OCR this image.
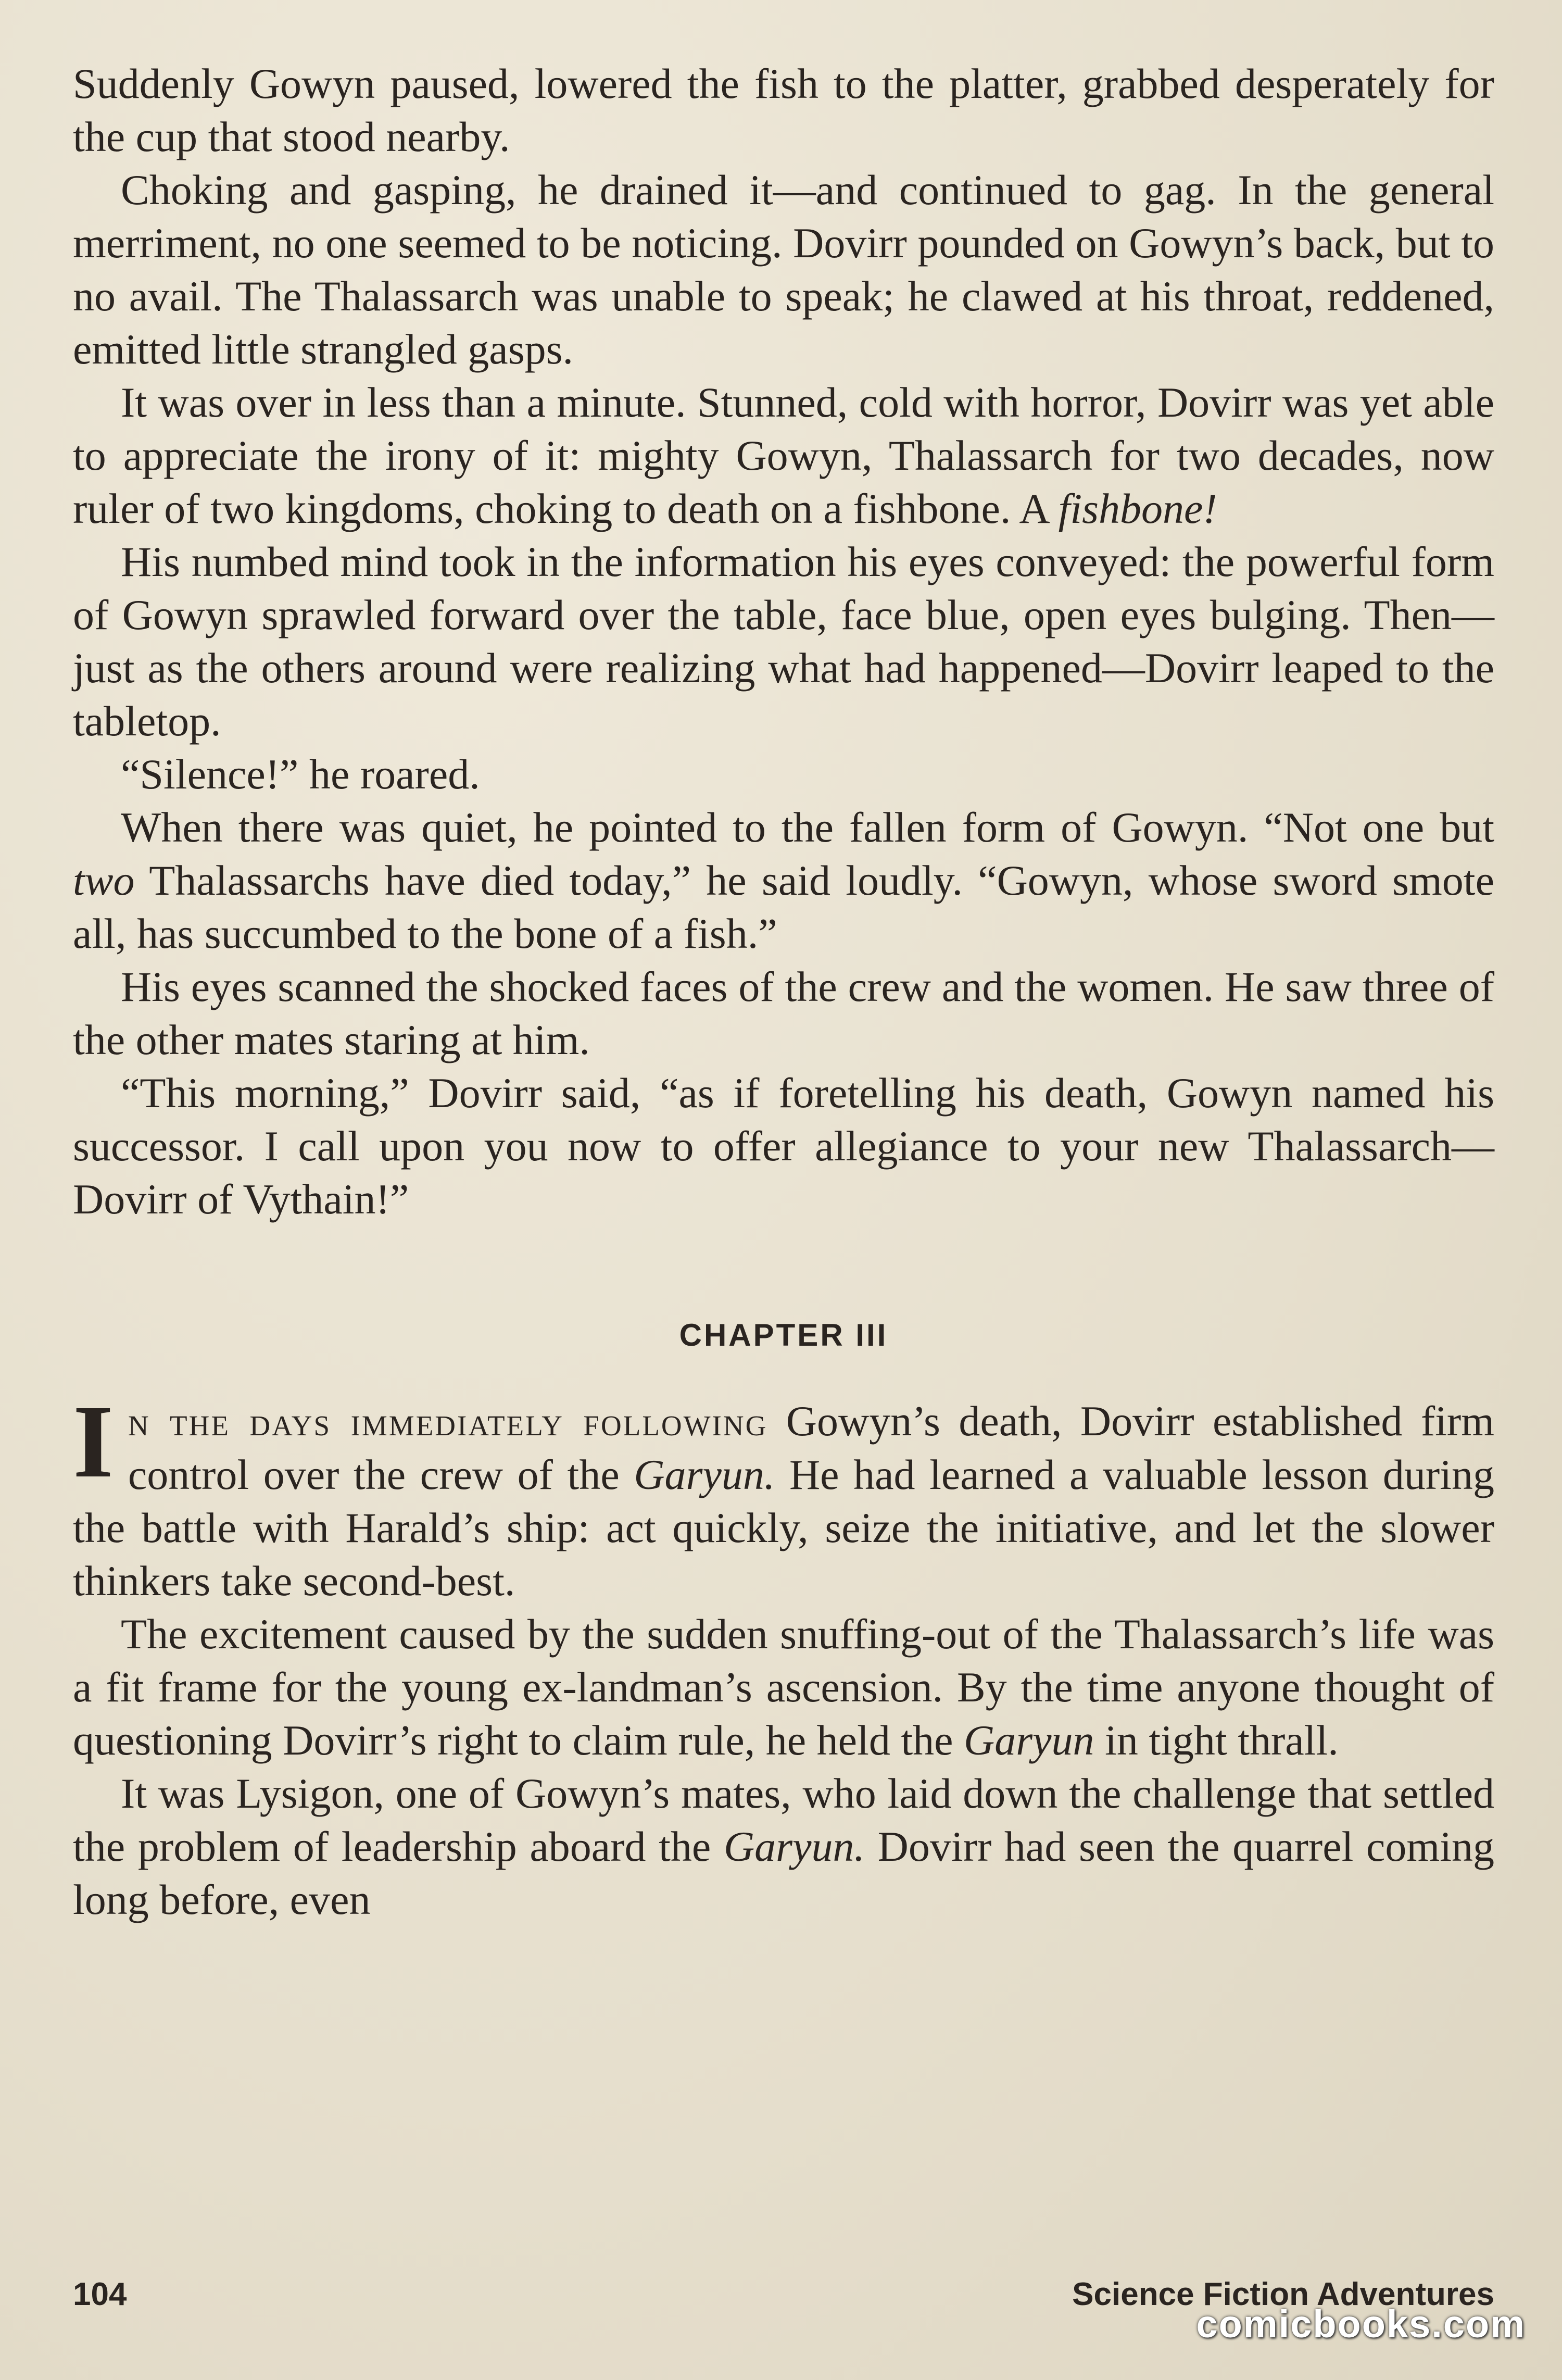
Suddenly Gowyn paused, lowered the fish to the platter, grabbed desperately for the cup that stood nearby.

Choking and gasping, he drained it—and continued to gag. In the general merriment, no one seemed to be noticing. Dovirr pounded on Gowyn’s back, but to no avail. The Thalassarch was unable to speak; he clawed at his throat, reddened, emitted little strangled gasps.

It was over in less than a minute. Stunned, cold with horror, Dovirr was yet able to appreciate the irony of it: mighty Gowyn, Thalassarch for two decades, now ruler of two kingdoms, choking to death on a fishbone. A fishbone!

His numbed mind took in the information his eyes conveyed: the powerful form of Gowyn sprawled forward over the table, face blue, open eyes bulging. Then—just as the others around were realizing what had happened—Dovirr leaped to the tabletop.

“Silence!” he roared.

When there was quiet, he pointed to the fallen form of Gowyn. “Not one but two Thalassarchs have died today,” he said loudly. “Gowyn, whose sword smote all, has succumbed to the bone of a fish.”

His eyes scanned the shocked faces of the crew and the women. He saw three of the other mates staring at him.

“This morning,” Dovirr said, “as if foretelling his death, Gowyn named his successor. I call upon you now to offer allegiance to your new Thalassarch—Dovirr of Vythain!”

CHAPTER III

In the days immediately following Gowyn’s death, Dovirr established firm control over the crew of the Garyun. He had learned a valuable lesson during the battle with Harald’s ship: act quickly, seize the initiative, and let the slower thinkers take second-best.

The excitement caused by the sudden snuffing-out of the Thalassarch’s life was a fit frame for the young ex-landman’s ascension. By the time anyone thought of questioning Dovirr’s right to claim rule, he held the Garyun in tight thrall.

It was Lysigon, one of Gowyn’s mates, who laid down the challenge that settled the problem of leadership aboard the Garyun. Dovirr had seen the quarrel coming long before, even

104	Science Fiction Adventures
comicbooks.com
